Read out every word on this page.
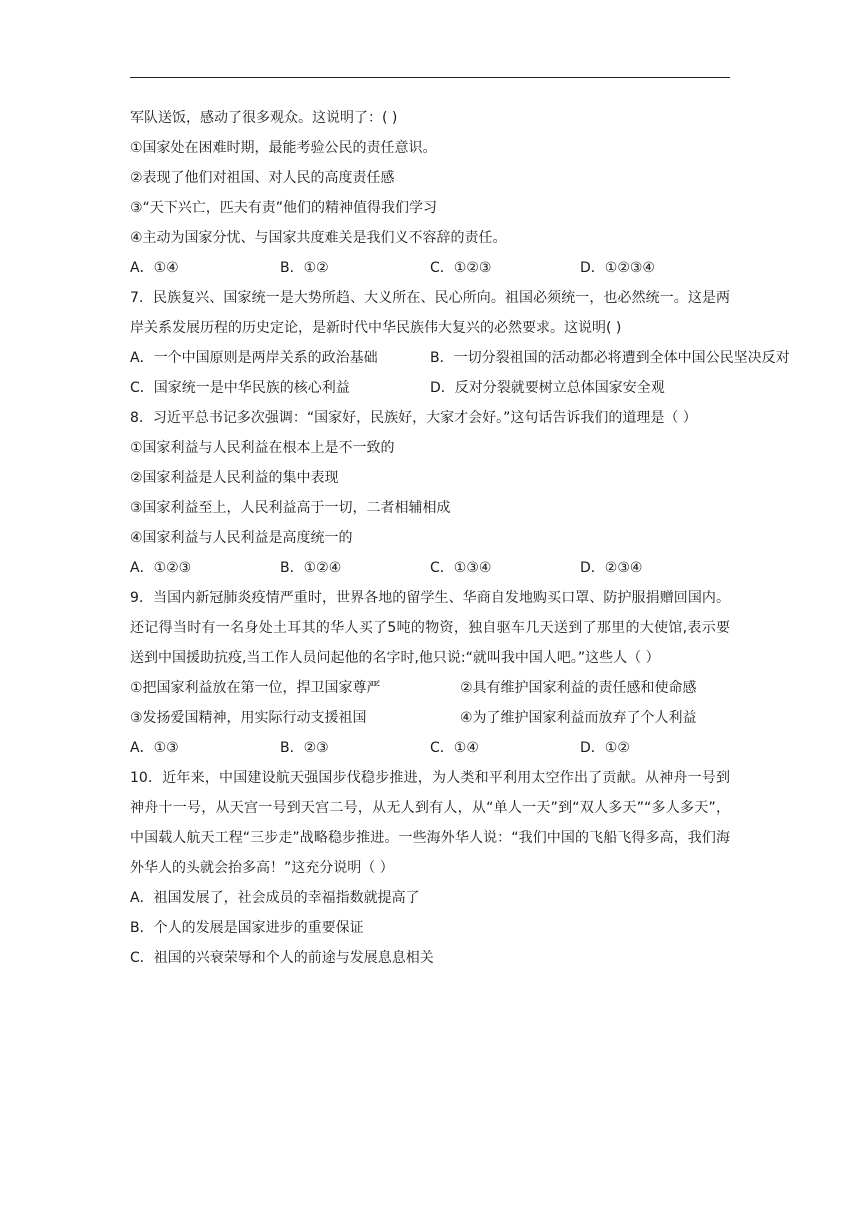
军队送饭，感动了很多观众。这说明了：( )
①国家处在困难时期，最能考验公民的责任意识。
②表现了他们对祖国、对人民的高度责任感
③“天下兴亡，匹夫有责”他们的精神值得我们学习
④主动为国家分忧、与国家共度难关是我们义不容辞的责任。
A．①④	B．①②	C．①②③	D．①②③④
7．民族复兴、国家统一是大势所趋、大义所在、民心所向。祖国必须统一，也必然统一。这是两岸关系发展历程的历史定论，是新时代中华民族伟大复兴的必然要求。这说明( )
A．一个中国原则是两岸关系的政治基础	B．一切分裂祖国的活动都必将遭到全体中国公民坚决反对
C．国家统一是中华民族的核心利益	D．反对分裂就要树立总体国家安全观
8．习近平总书记多次强调：“国家好，民族好，大家才会好。”这句话告诉我们的道理是（ ）
①国家利益与人民利益在根本上是不一致的
②国家利益是人民利益的集中表现
③国家利益至上，人民利益高于一切，二者相辅相成
④国家利益与人民利益是高度统一的
A．①②③	B．①②④	C．①③④	D．②③④
9．当国内新冠肺炎疫情严重时，世界各地的留学生、华商自发地购买口罩、防护服捐赠回国内。还记得当时有一名身处土耳其的华人买了5吨的物资，独自驱车几天送到了那里的大使馆,表示要送到中国援助抗疫,当工作人员问起他的名字时,他只说:“就叫我中国人吧。”这些人（ ）
①把国家利益放在第一位，捍卫国家尊严	②具有维护国家利益的责任感和使命感
③发扬爱国精神，用实际行动支援祖国	④为了维护国家利益而放弃了个人利益
A．①③	B．②③	C．①④	D．①②
10．近年来，中国建设航天强国步伐稳步推进，为人类和平利用太空作出了贡献。从神舟一号到神舟十一号，从天宫一号到天宫二号，从无人到有人，从“单人一天”到“双人多天”“多人多天”，中国载人航天工程“三步走”战略稳步推进。一些海外华人说：“我们中国的飞船飞得多高，我们海外华人的头就会抬多高！”这充分说明（ ）
A．祖国发展了，社会成员的幸福指数就提高了
B．个人的发展是国家进步的重要保证
C．祖国的兴衰荣辱和个人的前途与发展息息相关
